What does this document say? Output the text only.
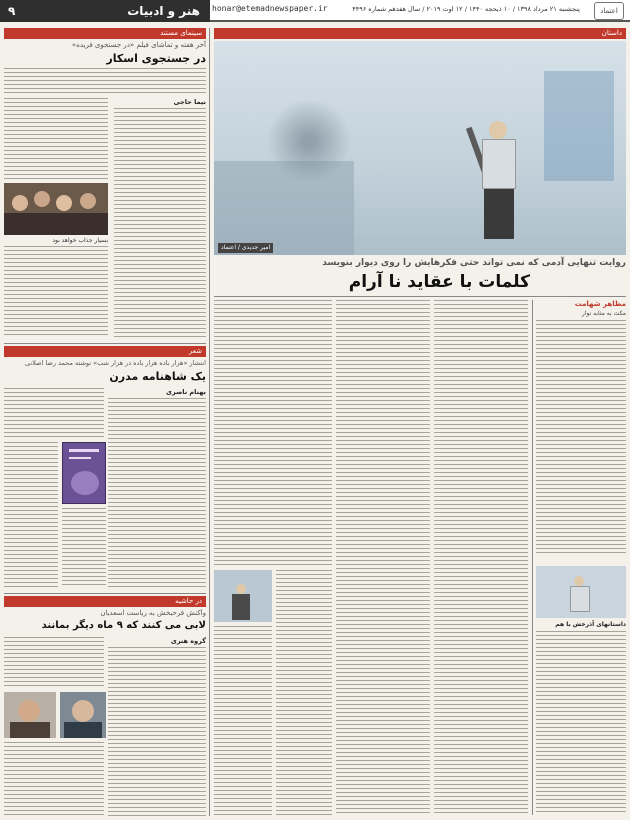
۹	هنر و ادبیات honar@etemadnewspaper.ir	پنجشنبه ۲۱ مرداد ۱۳۹۸ / ۱۰ ذیحجه ۱۴۴۰ / ۱۲ اوت ۲۰۱۹ / سال هفدهم شماره ۴۴۹۶	اعتماد
سینمای مستند
آخر هفته و تماشای فیلم «در جستجوی فریده»
در جستجوی اسکار
نیما حاجی
بسیار جذاب خواهد بود
شعر
انتشار «هزار باده هزار باده در هزار شب» نوشته محمد رضا اصلانی
یک شاهنامه مدرن
بهنام ناصری
در حاشیه
واکنش فرحبخش به ریاست اسعدیان
لابی می کنند که ۹ ماه دیگر بمانند
گروه هنری
داستان
امیر جدیدی / اعتماد
روایت تنهایی آدمی که نمی تواند حتی فکرهایش را روی دیوار بنویسد
کلمات با عقاید نا آرام
مظاهر شهامت
مکث به مثابه نوار
داستانهای آذرخش با هم
